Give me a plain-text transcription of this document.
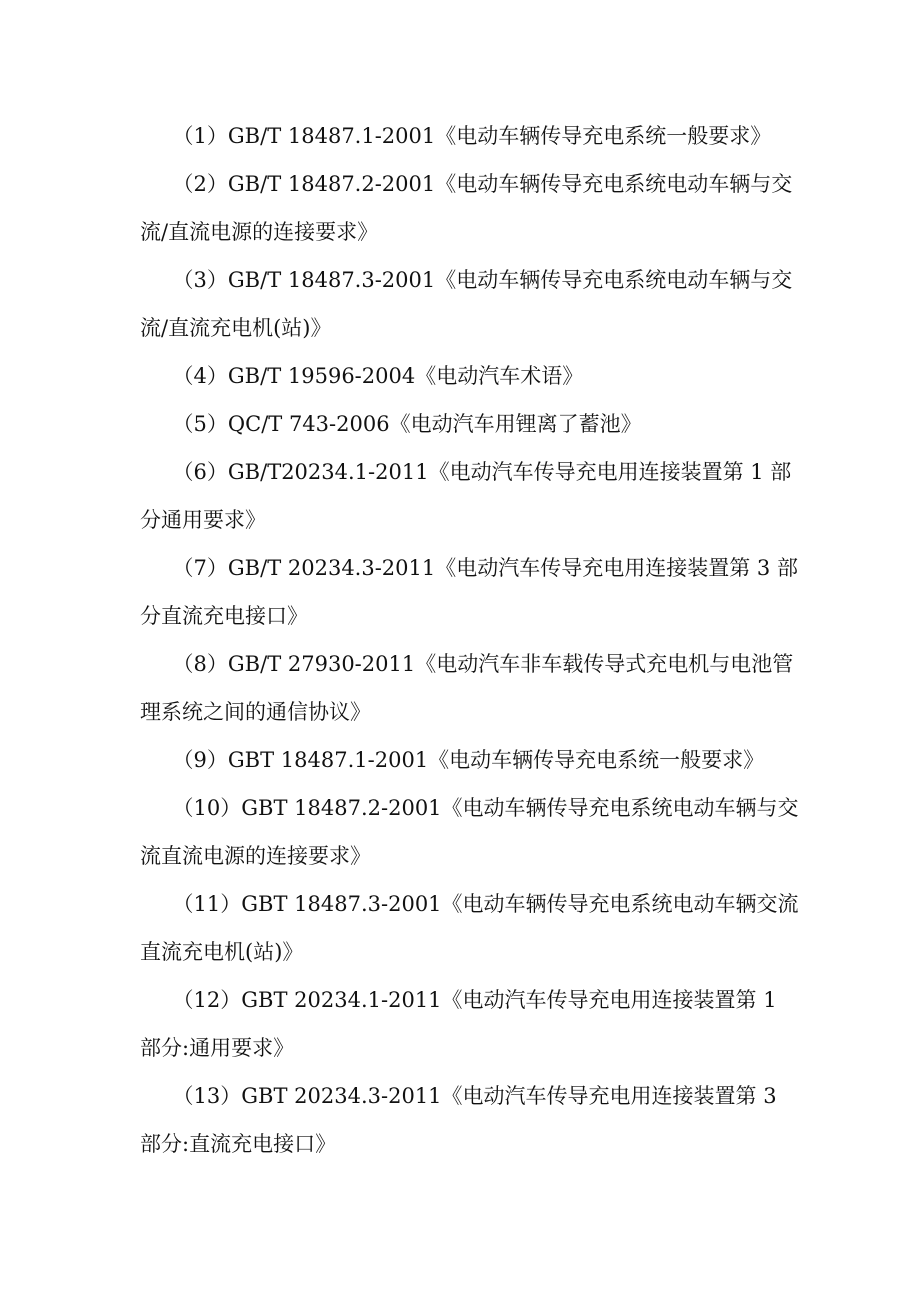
（1）GB/T 18487.1-2001《电动车辆传导充电系统一般要求》

（2）GB/T 18487.2-2001《电动车辆传导充电系统电动车辆与交流/直流电源的连接要求》

（3）GB/T 18487.3-2001《电动车辆传导充电系统电动车辆与交流/直流充电机(站)》

（4）GB/T 19596-2004《电动汽车术语》

（5）QC/T 743-2006《电动汽车用锂离了蓄池》

（6）GB/T20234.1-2011《电动汽车传导充电用连接装置第 1 部分通用要求》

（7）GB/T 20234.3-2011《电动汽车传导充电用连接装置第 3 部分直流充电接口》

（8）GB/T 27930-2011《电动汽车非车载传导式充电机与电池管理系统之间的通信协议》

（9）GBT 18487.1-2001《电动车辆传导充电系统一般要求》

（10）GBT 18487.2-2001《电动车辆传导充电系统电动车辆与交流直流电源的连接要求》

（11）GBT 18487.3-2001《电动车辆传导充电系统电动车辆交流直流充电机(站)》

（12）GBT 20234.1-2011《电动汽车传导充电用连接装置第 1 部分:通用要求》

（13）GBT 20234.3-2011《电动汽车传导充电用连接装置第 3 部分:直流充电接口》
